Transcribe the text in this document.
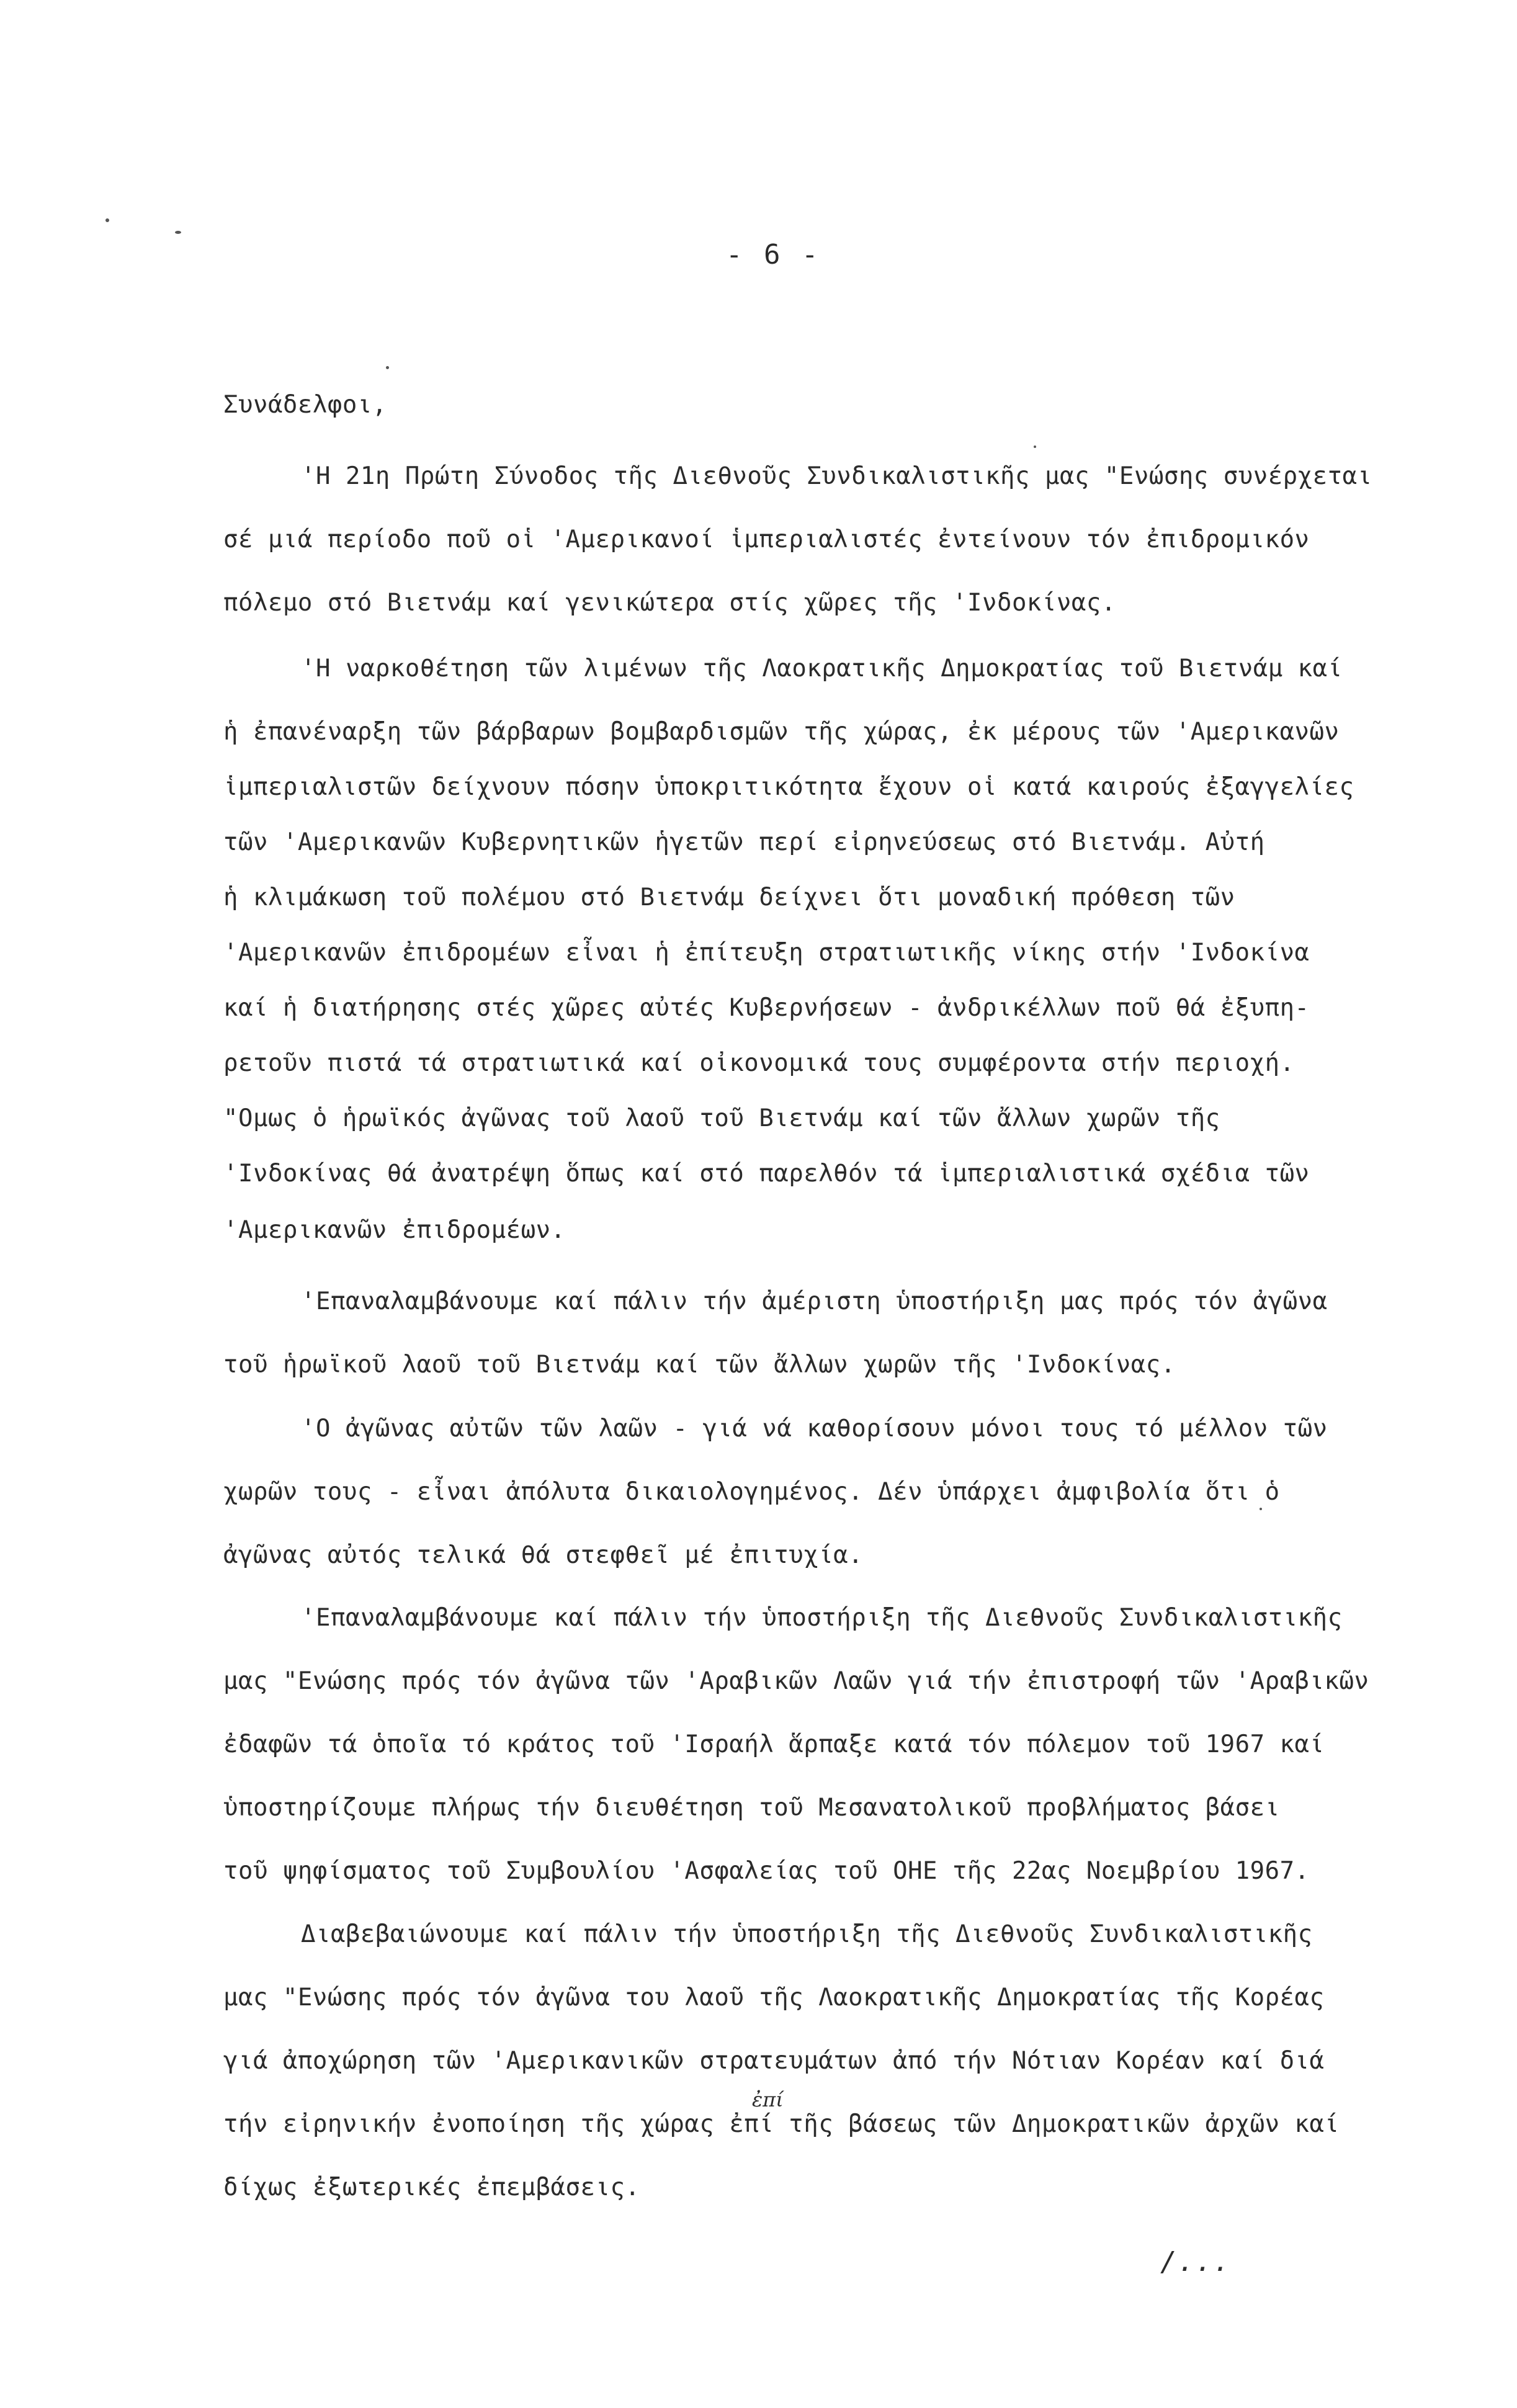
- 6 -
Συνάδελφοι,
'Η 21η Πρώτη Σύνοδος τῆς Διεθνοῦς Συνδικαλιστικῆς μας "Ενώσης συνέρχεται
σέ μιά περίοδο ποῦ οἱ 'Αμερικανοί ἱμπεριαλιστές ἐντείνουν τόν ἐπιδρομικόν
πόλεμο στό Βιετνάμ καί γενικώτερα στίς χῶρες τῆς 'Ινδοκίνας.
'Η ναρκοθέτηση τῶν λιμένων τῆς Λαοκρατικῆς Δημοκρατίας τοῦ Βιετνάμ καί
ἡ ἐπανέναρξη τῶν βάρβαρων βομβαρδισμῶν τῆς χώρας, ἐκ μέρους τῶν 'Αμερικανῶν
ἱμπεριαλιστῶν δείχνουν πόσην ὑποκριτικότητα ἔχουν οἱ κατά καιρούς ἐξαγγελίες
τῶν 'Αμερικανῶν Κυβερνητικῶν ἡγετῶν περί εἰρηνεύσεως στό Βιετνάμ. Αὐτή
ἡ κλιμάκωση τοῦ πολέμου στό Βιετνάμ δείχνει ὅτι μοναδική πρόθεση τῶν
'Αμερικανῶν ἐπιδρομέων εἶναι ἡ ἐπίτευξη στρατιωτικῆς νίκης στήν 'Ινδοκίνα
καί ἡ διατήρησης στές χῶρες αὐτές Κυβερνήσεων - ἀνδρικέλλων ποῦ θά ἐξυπη-
ρετοῦν πιστά τά στρατιωτικά καί οἰκονομικά τους συμφέροντα στήν περιοχή.
"Ομως ὁ ἡρωϊκός ἀγῶνας τοῦ λαοῦ τοῦ Βιετνάμ καί τῶν ἄλλων χωρῶν τῆς
'Ινδοκίνας θά ἀνατρέψη ὅπως καί στό παρελθόν τά ἱμπεριαλιστικά σχέδια τῶν
'Αμερικανῶν ἐπιδρομέων.
'Επαναλαμβάνουμε καί πάλιν τήν ἀμέριστη ὑποστήριξη μας πρός τόν ἀγῶνα
τοῦ ἡρωϊκοῦ λαοῦ τοῦ Βιετνάμ καί τῶν ἄλλων χωρῶν τῆς 'Ινδοκίνας.
'Ο ἀγῶνας αὐτῶν τῶν λαῶν - γιά νά καθορίσουν μόνοι τους τό μέλλον τῶν
χωρῶν τους - εἶναι ἀπόλυτα δικαιολογημένος. Δέν ὑπάρχει ἀμφιβολία ὅτι ὁ
ἀγῶνας αὐτός τελικά θά στεφθεῖ μέ ἐπιτυχία.
'Επαναλαμβάνουμε καί πάλιν τήν ὑποστήριξη τῆς Διεθνοῦς Συνδικαλιστικῆς
μας "Ενώσης πρός τόν ἀγῶνα τῶν 'Αραβικῶν Λαῶν γιά τήν ἐπιστροφή τῶν 'Αραβικῶν
ἐδαφῶν τά ὁποῖα τό κράτος τοῦ 'Ισραήλ ἅρπαξε κατά τόν πόλεμον τοῦ 1967 καί
ὑποστηρίζουμε πλήρως τήν διευθέτηση τοῦ Μεσανατολικοῦ προβλήματος βάσει
τοῦ ψηφίσματος τοῦ Συμβουλίου 'Ασφαλείας τοῦ ΟΗΕ τῆς 22ας Νοεμβρίου 1967.
ἐπί
Διαβεβαιώνουμε καί πάλιν τήν ὑποστήριξη τῆς Διεθνοῦς Συνδικαλιστικῆς
μας "Ενώσης πρός τόν ἀγῶνα του λαοῦ τῆς Λαοκρατικῆς Δημοκρατίας τῆς Κορέας
γιά ἀποχώρηση τῶν 'Αμερικανικῶν στρατευμάτων ἀπό τήν Νότιαν Κορέαν καί διά
τήν εἰρηνικήν ἐνοποίηση τῆς χώρας ἐπί τῆς βάσεως τῶν Δημοκρατικῶν ἀρχῶν καί
δίχως ἐξωτερικές ἐπεμβάσεις.
/...
